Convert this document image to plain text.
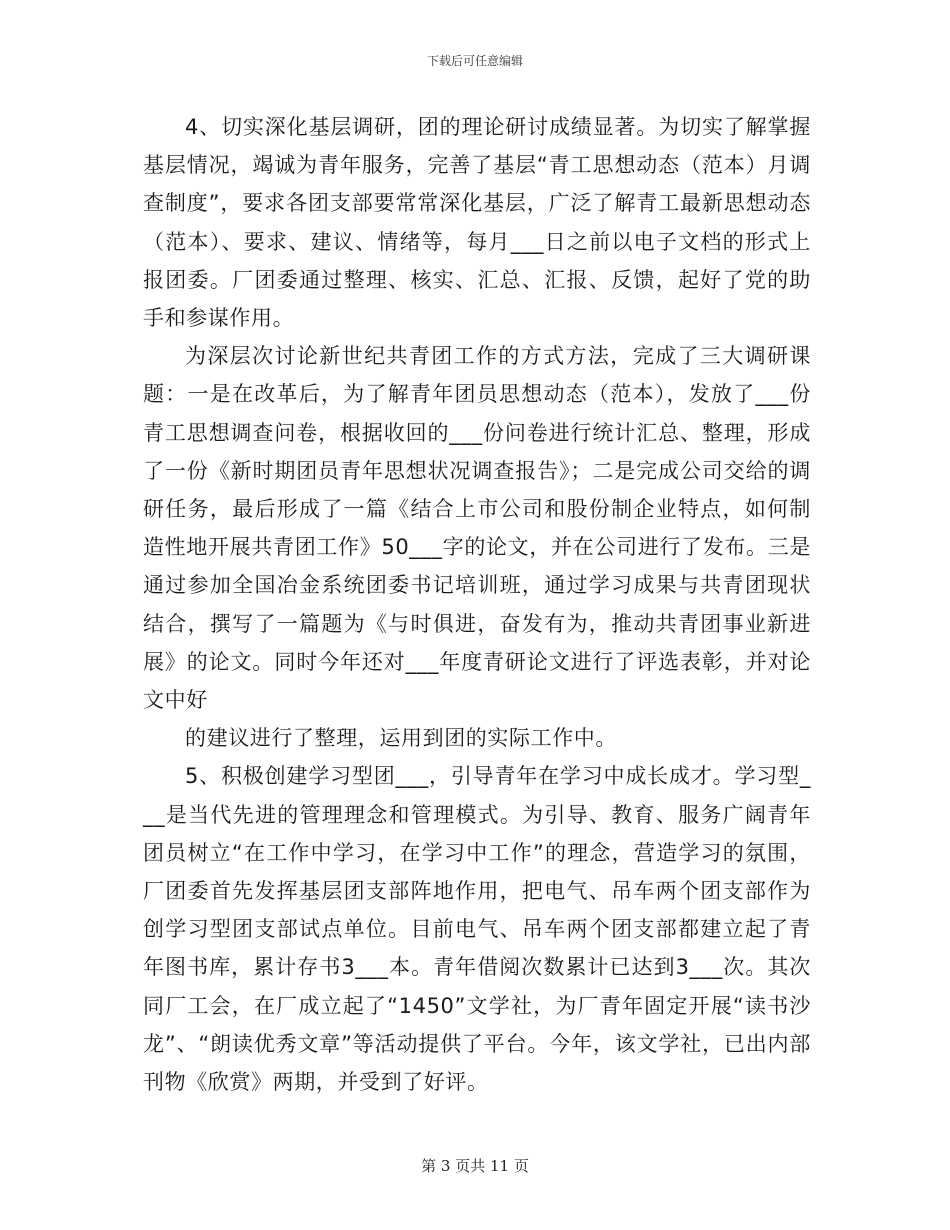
下载后可任意编辑

4、切实深化基层调研，团的理论研讨成绩显著。为切实了解掌握基层情况，竭诚为青年服务，完善了基层“青工思想动态（范本）月调查制度”，要求各团支部要常常深化基层，广泛了解青工最新思想动态（范本）、要求、建议、情绪等，每月___日之前以电子文档的形式上报团委。厂团委通过整理、核实、汇总、汇报、反馈，起好了党的助手和参谋作用。

为深层次讨论新世纪共青团工作的方式方法，完成了三大调研课题：一是在改革后，为了解青年团员思想动态（范本），发放了___份青工思想调查问卷，根据收回的___份问卷进行统计汇总、整理，形成了一份《新时期团员青年思想状况调查报告》；二是完成公司交给的调研任务，最后形成了一篇《结合上市公司和股份制企业特点，如何制造性地开展共青团工作》50___字的论文，并在公司进行了发布。三是通过参加全国冶金系统团委书记培训班，通过学习成果与共青团现状结合，撰写了一篇题为《与时俱进，奋发有为，推动共青团事业新进展》的论文。同时今年还对___年度青研论文进行了评选表彰，并对论文中好

的建议进行了整理，运用到团的实际工作中。

5、积极创建学习型团___，引导青年在学习中成长成才。学习型___是当代先进的管理理念和管理模式。为引导、教育、服务广阔青年团员树立“在工作中学习，在学习中工作”的理念，营造学习的氛围，厂团委首先发挥基层团支部阵地作用，把电气、吊车两个团支部作为创学习型团支部试点单位。目前电气、吊车两个团支部都建立起了青年图书库，累计存书3___本。青年借阅次数累计已达到3___次。其次同厂工会，在厂成立起了“1450”文学社，为厂青年固定开展“读书沙龙”、“朗读优秀文章”等活动提供了平台。今年，该文学社，已出内部刊物《欣赏》两期，并受到了好评。

第 3 页共 11 页
